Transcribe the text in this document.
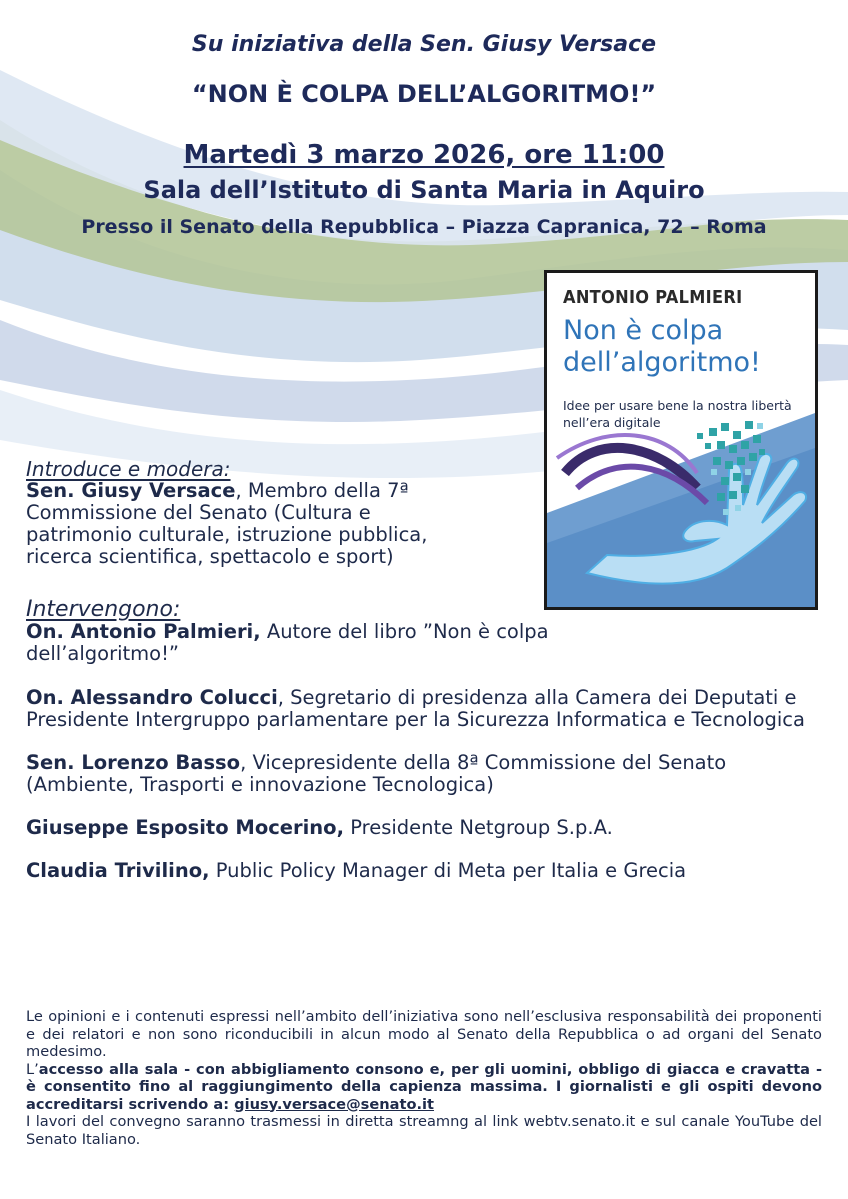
Su iniziativa della Sen. Giusy Versace
“NON È COLPA DELL’ALGORITMO!”
Martedì 3 marzo 2026, ore 11:00
Sala dell’Istituto di Santa Maria in Aquiro
Presso il Senato della Repubblica – Piazza Capranica, 72 – Roma
ANTONIO PALMIERI
Non è colpa
dell’algoritmo!
Idee per usare bene la nostra libertà
nell’era digitale
Introduce e modera:
Sen. Giusy Versace, Membro della 7ª
Commissione del Senato (Cultura e
patrimonio culturale, istruzione pubblica,
ricerca scientifica, spettacolo e sport)
Intervengono:
On. Antonio Palmieri, Autore del libro ”Non è colpa dell’algoritmo!”
On. Alessandro Colucci, Segretario di presidenza alla Camera dei Deputati e Presidente Intergruppo parlamentare per la Sicurezza Informatica e Tecnologica
Sen. Lorenzo Basso, Vicepresidente della 8ª Commissione del Senato (Ambiente, Trasporti e innovazione Tecnologica)
Giuseppe Esposito Mocerino, Presidente Netgroup S.p.A.
Claudia Trivilino, Public Policy Manager di Meta per Italia e Grecia

Le opinioni e i contenuti espressi nell’ambito dell’iniziativa sono nell’esclusiva responsabilità dei proponenti e dei relatori e non sono riconducibili in alcun modo al Senato della Repubblica o ad organi del Senato medesimo.

L’accesso alla sala - con abbigliamento consono e, per gli uomini, obbligo di giacca e cravatta - è consentito fino al raggiungimento della capienza massima. I giornalisti e gli ospiti devono accreditarsi scrivendo a: giusy.versace@senato.it

I lavori del convegno saranno trasmessi in diretta streamng al link webtv.senato.it e sul canale YouTube del Senato Italiano.
